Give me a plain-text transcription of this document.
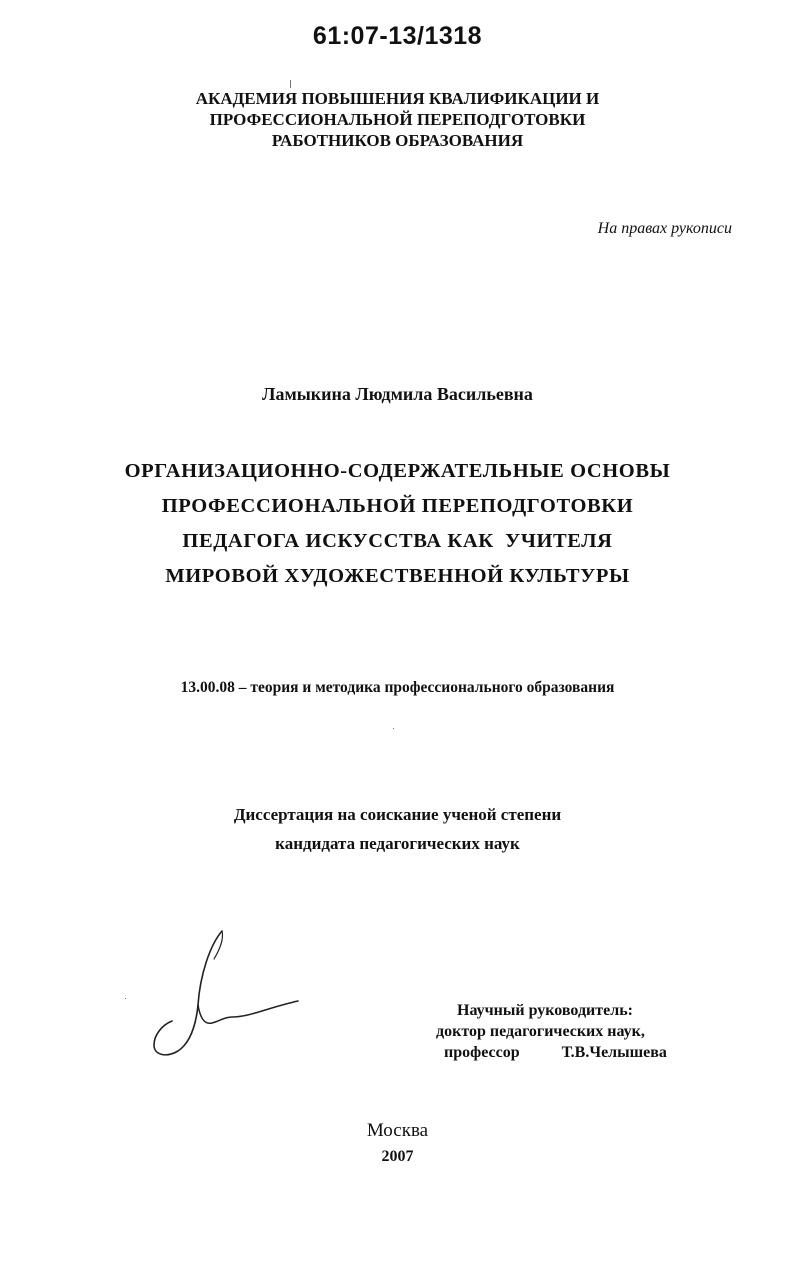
61:07-13/1318
АКАДЕМИЯ ПОВЫШЕНИЯ КВАЛИФИКАЦИИ И
ПРОФЕССИОНАЛЬНОЙ ПЕРЕПОДГОТОВКИ
РАБОТНИКОВ ОБРАЗОВАНИЯ
На правах рукописи
Ламыкина Людмила Васильевна
ОРГАНИЗАЦИОННО-СОДЕРЖАТЕЛЬНЫЕ ОСНОВЫ
ПРОФЕССИОНАЛЬНОЙ ПЕРЕПОДГОТОВКИ
ПЕДАГОГА ИСКУССТВА КАК  УЧИТЕЛЯ
МИРОВОЙ ХУДОЖЕСТВЕННОЙ КУЛЬТУРЫ
13.00.08 – теория и методика профессионального образования
Диссертация на соискание ученой степени
кандидата педагогических наук
Научный руководитель:
доктор педагогических наук,
профессор	Т.В.Челышева
Москва
2007
